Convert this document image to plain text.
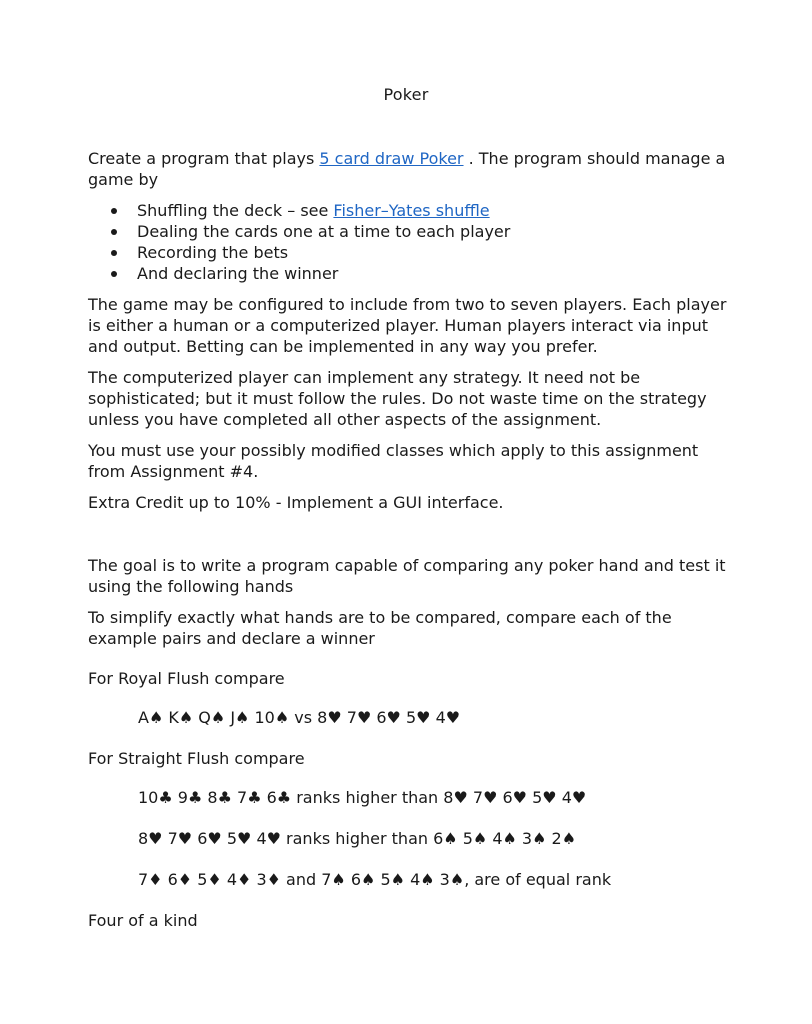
Poker

Create a program that plays 5 card draw Poker . The program should manage a game by

Shuffling the deck – see Fisher–Yates shuffle
Dealing the cards one at a time to each player
Recording the bets
And declaring the winner

The game may be configured to include from two to seven players. Each player is either a human or a computerized player. Human players interact via input and output. Betting can be implemented in any way you prefer.

The computerized player can implement any strategy. It need not be sophisticated; but it must follow the rules. Do not waste time on the strategy unless you have completed all other aspects of the assignment.

You must use your possibly modified classes which apply to this assignment from Assignment #4.

Extra Credit up to 10% - Implement a GUI interface.

The goal is to write a program capable of comparing any poker hand and test it using the following hands

To simplify exactly what hands are to be compared, compare each of the example pairs and declare a winner

For Royal Flush compare

A♠ K♠ Q♠ J♠ 10♠ vs 8♥ 7♥ 6♥ 5♥ 4♥

For Straight Flush compare

10♣ 9♣ 8♣ 7♣ 6♣ ranks higher than 8♥ 7♥ 6♥ 5♥ 4♥

8♥ 7♥ 6♥ 5♥ 4♥ ranks higher than 6♠ 5♠ 4♠ 3♠ 2♠

7♦ 6♦ 5♦ 4♦ 3♦ and 7♠ 6♠ 5♠ 4♠ 3♠, are of equal rank

Four of a kind
